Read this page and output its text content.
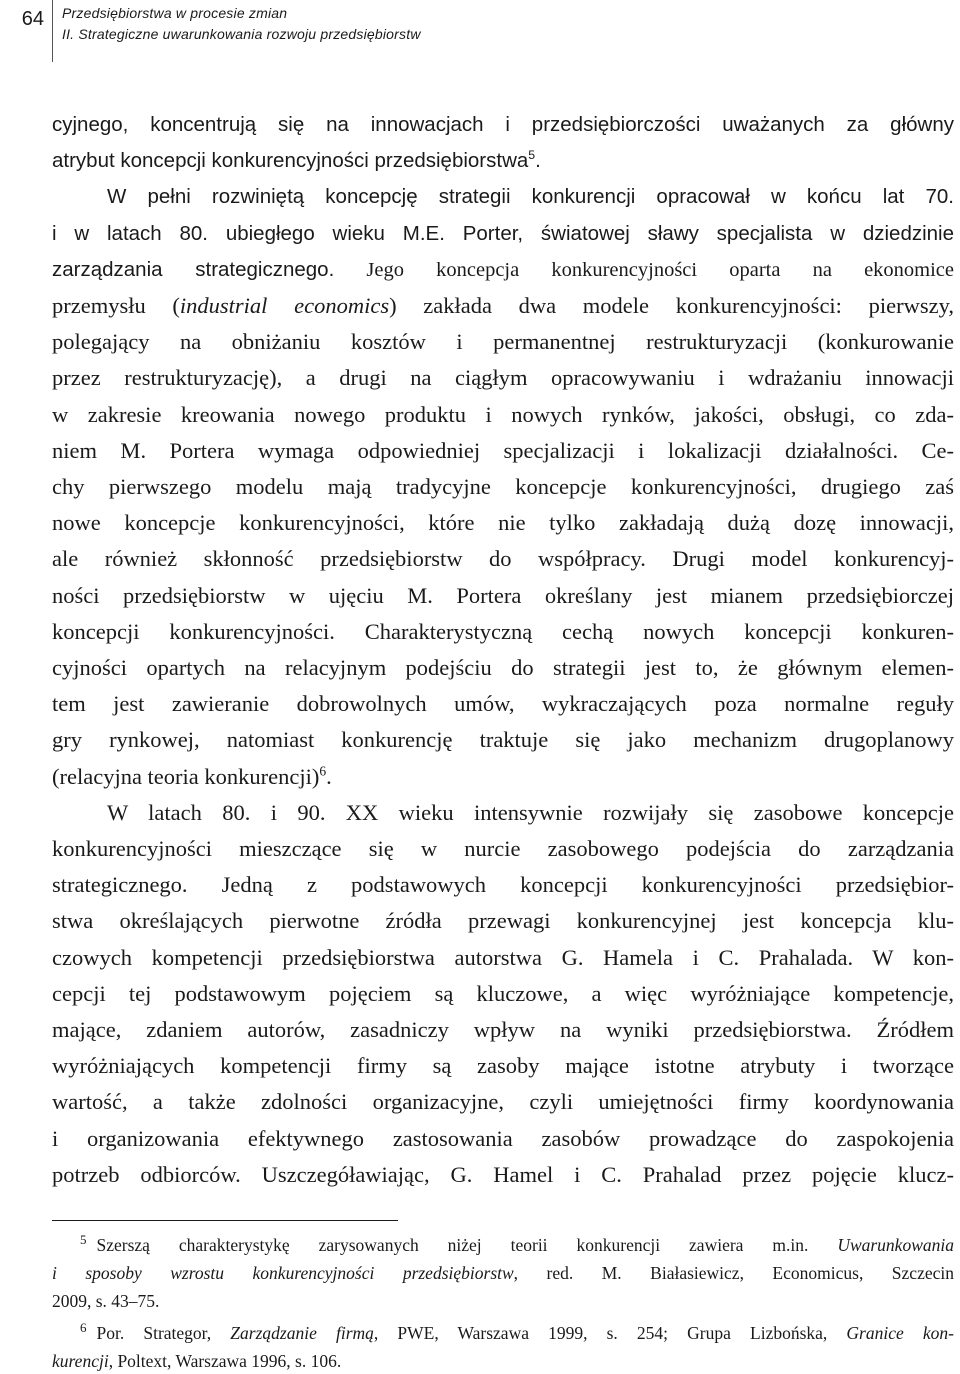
64 Przedsiębiorstwa w procesie zmian
II. Strategiczne uwarunkowania rozwoju przedsiębiorstw
cyjnego, koncentrują się na innowacjach i przedsiębiorczości uważanych za główny
atrybut koncepcji konkurencyjności przedsiębiorstwa$^5$.
W pełni rozwiniętą koncepcję strategii konkurencji opracował w końcu lat 70.
i w latach 80. ubiegłego wieku M.E. Porter, światowej sławy specjalista w dziedzinie
zarządzania strategicznego. Jego koncepcja konkurencyjności oparta na ekonomice
przemysłu (industrial economics) zakłada dwa modele konkurencyjności: pierwszy,
polegający na obniżaniu kosztów i permanentnej restrukturyzacji (konkurowanie
przez restrukturyzację), a drugi na ciągłym opracowywaniu i wdrażaniu innowacji
w zakresie kreowania nowego produktu i nowych rynków, jakości, obsługi, co zda-
niem M. Portera wymaga odpowiedniej specjalizacji i lokalizacji działalności. Ce-
chy pierwszego modelu mają tradycyjne koncepcje konkurencyjności, drugiego zaś
nowe koncepcje konkurencyjności, które nie tylko zakładają dużą dozę innowacji,
ale również skłonność przedsiębiorstw do współpracy. Drugi model konkurencyj-
ności przedsiębiorstw w ujęciu M. Portera określany jest mianem przedsiębiorczej
koncepcji konkurencyjności. Charakterystyczną cechą nowych koncepcji konkuren-
cyjności opartych na relacyjnym podejściu do strategii jest to, że głównym elemen-
tem jest zawieranie dobrowolnych umów, wykraczających poza normalne reguły
gry rynkowej, natomiast konkurencję traktuje się jako mechanizm drugoplanowy
(relacyjna teoria konkurencji)$^6$.
W latach 80. i 90. XX wieku intensywnie rozwijały się zasobowe koncepcje
konkurencyjności mieszczące się w nurcie zasobowego podejścia do zarządzania
strategicznego. Jedną z podstawowych koncepcji konkurencyjności przedsiębior-
stwa określających pierwotne źródła przewagi konkurencyjnej jest koncepcja klu-
czowych kompetencji przedsiębiorstwa autorstwa G. Hamela i C. Prahalada. W kon-
cepcji tej podstawowym pojęciem są kluczowe, a więc wyróżniające kompetencje,
mające, zdaniem autorów, zasadniczy wpływ na wyniki przedsiębiorstwa. Źródłem
wyróżniających kompetencji firmy są zasoby mające istotne atrybuty i tworzące
wartość, a także zdolności organizacyjne, czyli umiejętności firmy koordynowania
i organizowania efektywnego zastosowania zasobów prowadzące do zaspokojenia
potrzeb odbiorców. Uszczegóławiając, G. Hamel i C. Prahalad przez pojęcie klucz-
$^5$ Szerszą charakterystykę zarysowanych niżej teorii konkurencji zawiera m.in. Uwarunkowania
i sposoby wzrostu konkurencyjności przedsiębiorstw, red. M. Białasiewicz, Economicus, Szczecin
2009, s. 43–75.
$^6$ Por. Strategor, Zarządzanie firmą, PWE, Warszawa 1999, s. 254; Grupa Lizbońska, Granice kon-
kurencji, Poltext, Warszawa 1996, s. 106.
